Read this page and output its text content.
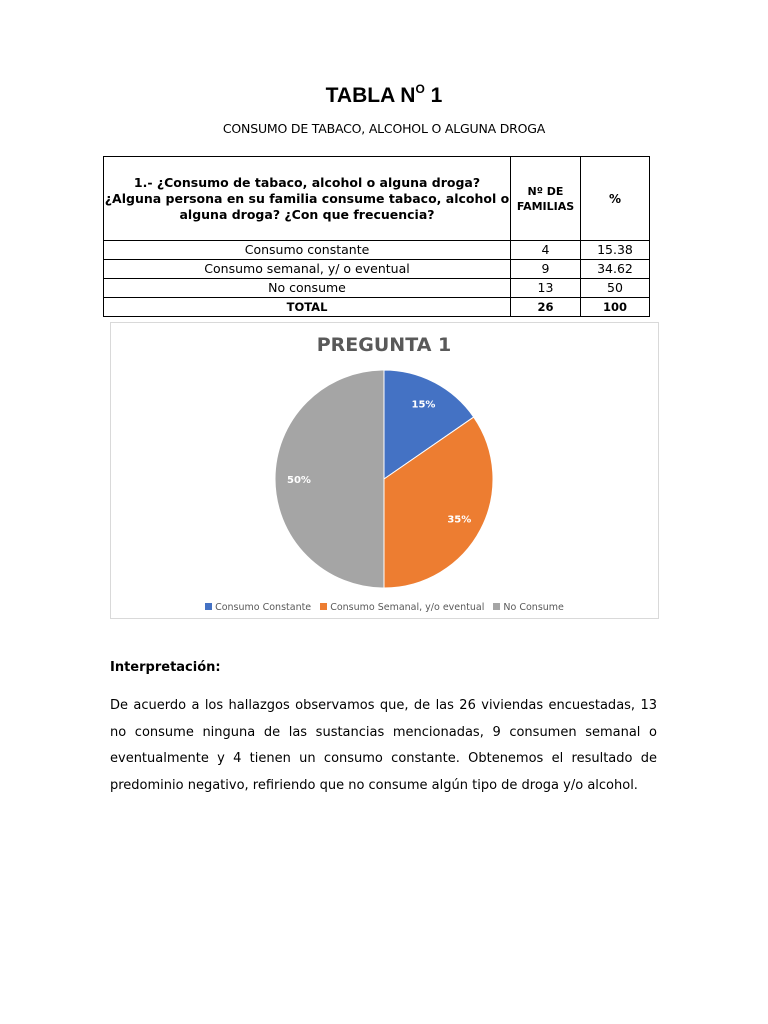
TABLA $N^O$ 1
CONSUMO DE TABACO, ALCOHOL O ALGUNA DROGA
1.- ¿Consumo de tabaco, alcohol o alguna droga? ¿Alguna persona en su familia consume tabaco, alcohol o alguna droga? ¿Con que frecuencia?	Nº DE FAMILIAS	%
Consumo constante	4	15.38
Consumo semanal, y/ o eventual	9	34.62
No consume	13	50
TOTAL	26	100
PREGUNTA 1
15%
35%
50%
Consumo Constante Consumo Semanal, y/o eventual No Consume
Interpretación:
De acuerdo a los hallazgos observamos que, de las 26 viviendas encuestadas, 13 no consume ninguna de las sustancias mencionadas, 9 consumen semanal o eventualmente y 4 tienen un consumo constante. Obtenemos el resultado de predominio negativo, refiriendo que no consume algún tipo de droga y/o alcohol.
